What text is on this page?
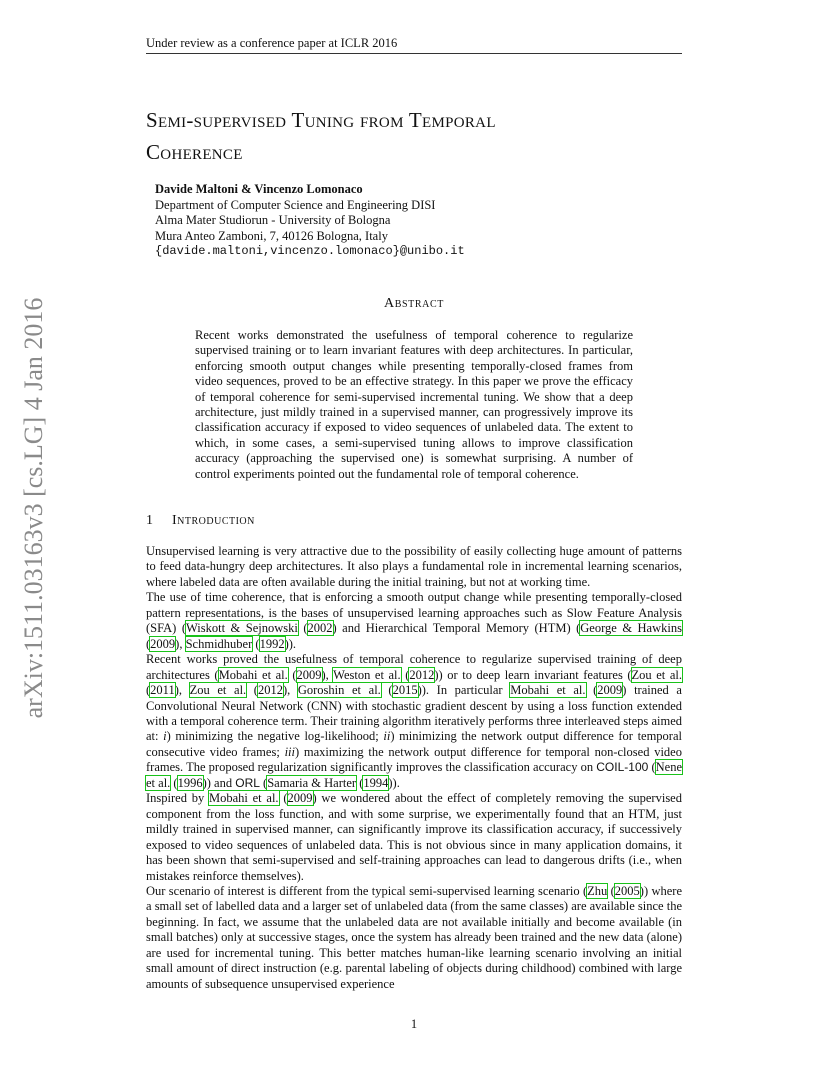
Under review as a conference paper at ICLR 2016
arXiv:1511.03163v3 [cs.LG] 4 Jan 2016
Semi-supervised Tuning from Temporal
Coherence
Davide Maltoni & Vincenzo Lomonaco
Department of Computer Science and Engineering DISI
Alma Mater Studiorun - University of Bologna
Mura Anteo Zamboni, 7, 40126 Bologna, Italy
{davide.maltoni,vincenzo.lomonaco}@unibo.it
Abstract
Recent works demonstrated the usefulness of temporal coherence to regularize supervised training or to learn invariant features with deep architectures. In particular, enforcing smooth output changes while presenting temporally-closed frames from video sequences, proved to be an effective strategy. In this paper we prove the efficacy of temporal coherence for semi-supervised incremental tuning. We show that a deep architecture, just mildly trained in a supervised manner, can progressively improve its classification accuracy if exposed to video sequences of unlabeled data. The extent to which, in some cases, a semi-supervised tuning allows to improve classification accuracy (approaching the supervised one) is somewhat surprising. A number of control experiments pointed out the fundamental role of temporal coherence.
1 Introduction

Unsupervised learning is very attractive due to the possibility of easily collecting huge amount of patterns to feed data-hungry deep architectures. It also plays a fundamental role in incremental learning scenarios, where labeled data are often available during the initial training, but not at working time.

The use of time coherence, that is enforcing a smooth output change while presenting temporally-closed pattern representations, is the bases of unsupervised learning approaches such as Slow Feature Analysis (SFA) (Wiskott & Sejnowski (2002) and Hierarchical Temporal Memory (HTM) (George & Hawkins (2009), Schmidhuber (1992)).

Recent works proved the usefulness of temporal coherence to regularize supervised training of deep architectures (Mobahi et al. (2009), Weston et al. (2012)) or to deep learn invariant features (Zou et al. (2011), Zou et al. (2012), Goroshin et al. (2015)). In particular Mobahi et al. (2009) trained a Convolutional Neural Network (CNN) with stochastic gradient descent by using a loss function extended with a temporal coherence term. Their training algorithm iteratively performs three interleaved steps aimed at: i) minimizing the negative log-likelihood; ii) minimizing the network output difference for temporal consecutive video frames; iii) maximizing the network output difference for temporal non-closed video frames. The proposed regularization significantly improves the classification accuracy on COIL-100 (Nene et al. (1996)) and ORL (Samaria & Harter (1994)).

Inspired by Mobahi et al. (2009) we wondered about the effect of completely removing the supervised component from the loss function, and with some surprise, we experimentally found that an HTM, just mildly trained in supervised manner, can significantly improve its classification accuracy, if successively exposed to video sequences of unlabeled data. This is not obvious since in many application domains, it has been shown that semi-supervised and self-training approaches can lead to dangerous drifts (i.e., when mistakes reinforce themselves).

Our scenario of interest is different from the typical semi-supervised learning scenario (Zhu (2005)) where a small set of labelled data and a larger set of unlabeled data (from the same classes) are available since the beginning. In fact, we assume that the unlabeled data are not available initially and become available (in small batches) only at successive stages, once the system has already been trained and the new data (alone) are used for incremental tuning. This better matches human-like learning scenario involving an initial small amount of direct instruction (e.g. parental labeling of objects during childhood) combined with large amounts of subsequence unsupervised experience

1
